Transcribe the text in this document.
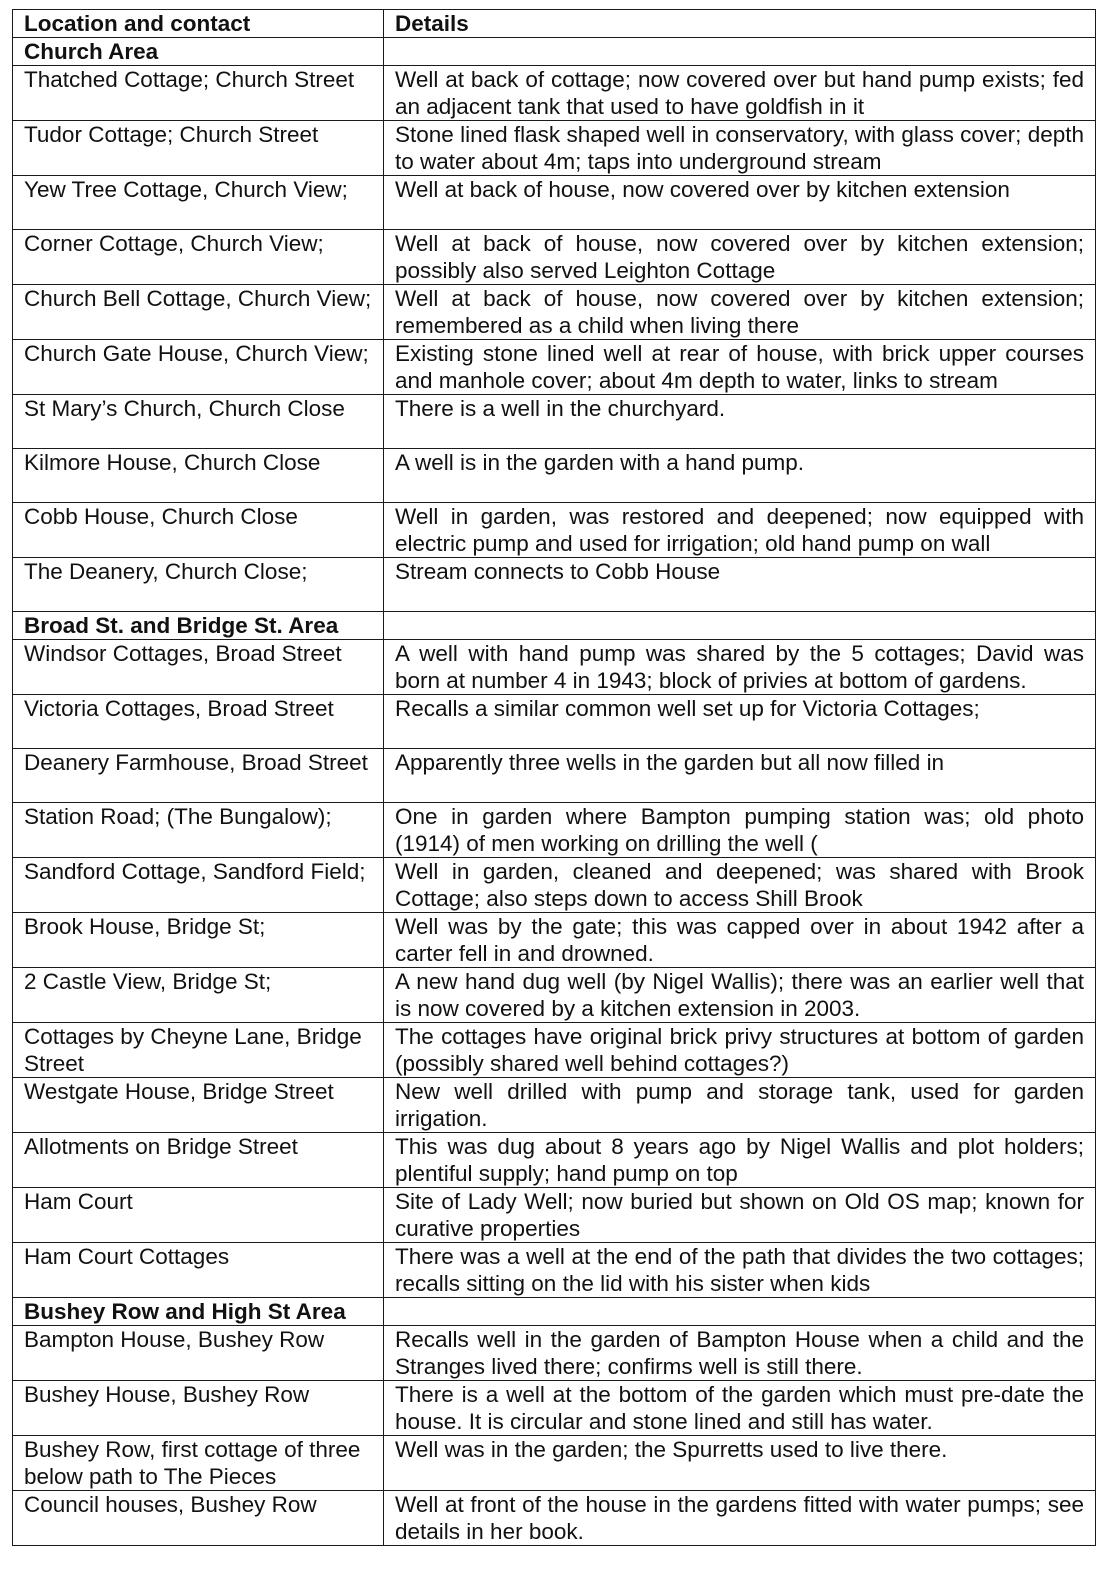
Location and contact	Details
Church Area	
Thatched Cottage; Church Street	Well at back of cottage; now covered over but hand pump exists; fed an adjacent tank that used to have goldfish in it
Tudor Cottage; Church Street	Stone lined flask shaped well in conservatory, with glass cover; depth to water about 4m; taps into underground stream
Yew Tree Cottage, Church View;	Well at back of house, now covered over by kitchen extension
Corner Cottage, Church View;	Well at back of house, now covered over by kitchen extension; possibly also served Leighton Cottage
Church Bell Cottage, Church View;	Well at back of house, now covered over by kitchen extension; remembered as a child when living there
Church Gate House, Church View;	Existing stone lined well at rear of house, with brick upper courses and manhole cover; about 4m depth to water, links to stream
St Mary’s Church, Church Close	There is a well in the churchyard.
Kilmore House, Church Close	A well is in the garden with a hand pump.
Cobb House, Church Close	Well in garden, was restored and deepened; now equipped with electric pump and used for irrigation; old hand pump on wall
The Deanery, Church Close;	Stream connects to Cobb House
Broad St. and Bridge St. Area	
Windsor Cottages, Broad Street	A well with hand pump was shared by the 5 cottages; David was born at number 4 in 1943; block of privies at bottom of gardens.
Victoria Cottages, Broad Street	Recalls a similar common well set up for Victoria Cottages;
Deanery Farmhouse, Broad Street	Apparently three wells in the garden but all now filled in
Station Road; (The Bungalow);	One in garden where Bampton pumping station was; old photo (1914) of men working on drilling the well (
Sandford Cottage, Sandford Field;	Well in garden, cleaned and deepened; was shared with Brook Cottage; also steps down to access Shill Brook
Brook House, Bridge St;	Well was by the gate; this was capped over in about 1942 after a carter fell in and drowned.
2 Castle View, Bridge St;	A new hand dug well (by Nigel Wallis); there was an earlier well that is now covered by a kitchen extension in 2003.
Cottages by Cheyne Lane, Bridge Street	The cottages have original brick privy structures at bottom of garden (possibly shared well behind cottages?)
Westgate House, Bridge Street	New well drilled with pump and storage tank, used for garden irrigation.
Allotments on Bridge Street	This was dug about 8 years ago by Nigel Wallis and plot holders; plentiful supply; hand pump on top
Ham Court	Site of Lady Well; now buried but shown on Old OS map; known for curative properties
Ham Court Cottages	There was a well at the end of the path that divides the two cottages; recalls sitting on the lid with his sister when kids
Bushey Row and High St Area	
Bampton House, Bushey Row	Recalls well in the garden of Bampton House when a child and the Stranges lived there; confirms well is still there.
Bushey House, Bushey Row	There is a well at the bottom of the garden which must pre-date the house. It is circular and stone lined and still has water.
Bushey Row, first cottage of three below path to The Pieces	Well was in the garden; the Spurretts used to live there.
Council houses, Bushey Row	Well at front of the house in the gardens fitted with water pumps; see details in her book.
